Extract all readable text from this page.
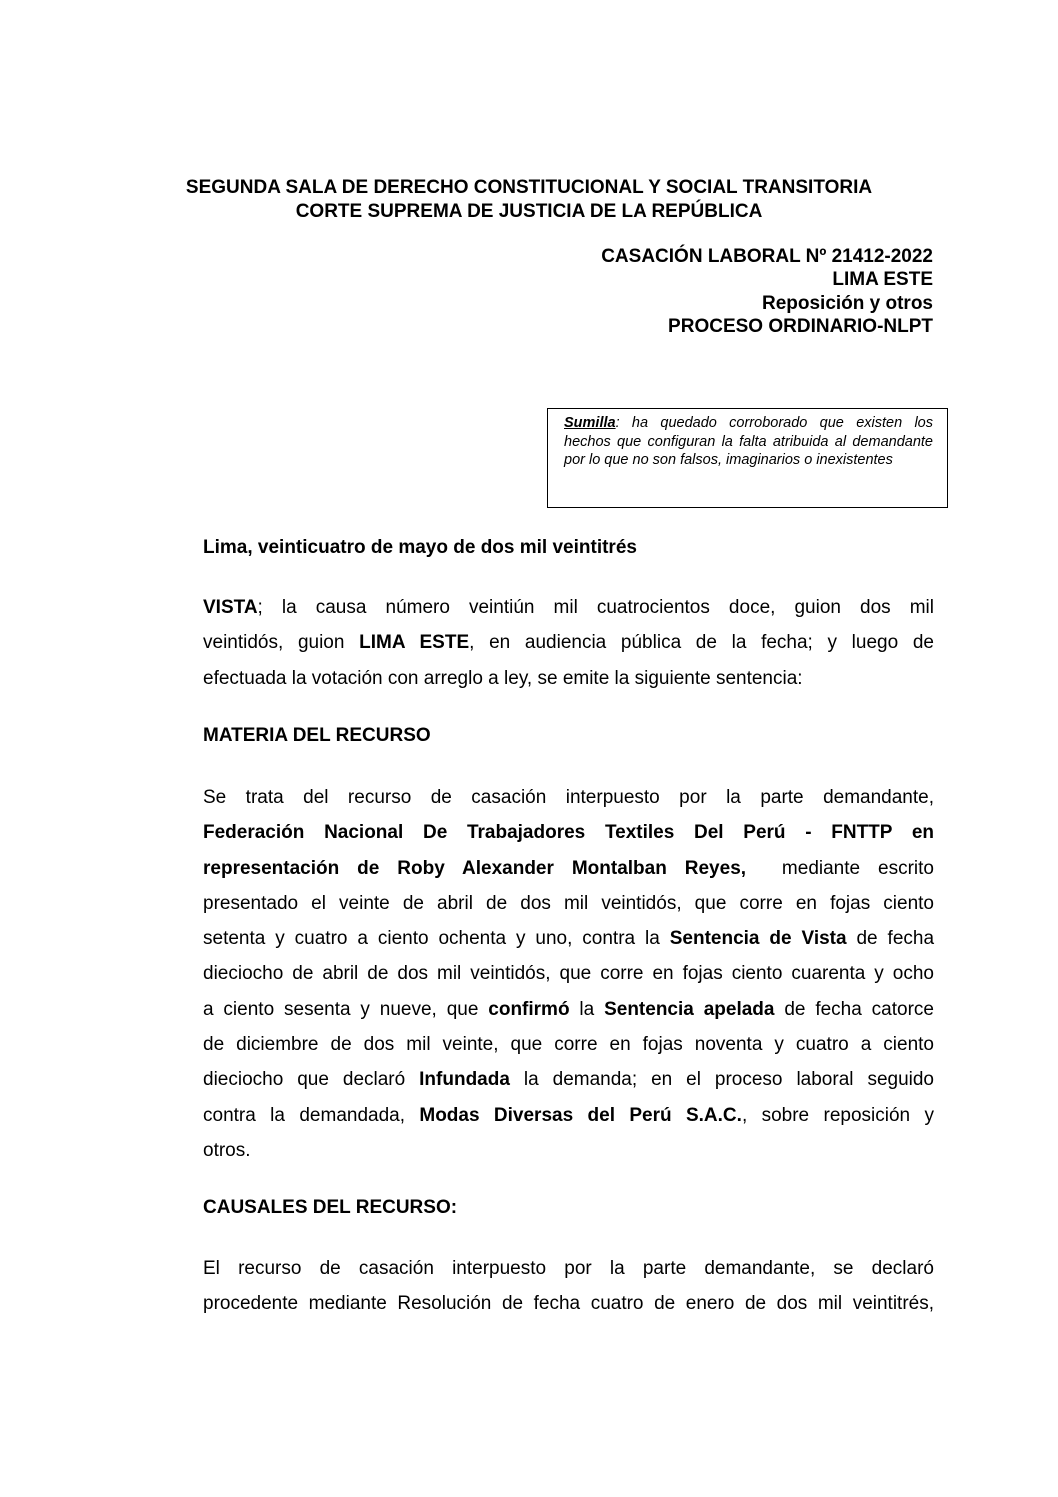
SEGUNDA SALA DE DERECHO CONSTITUCIONAL Y SOCIAL TRANSITORIA
CORTE SUPREMA DE JUSTICIA DE LA REPÚBLICA
CASACIÓN LABORAL Nº 21412-2022
LIMA ESTE
Reposición y otros
PROCESO ORDINARIO-NLPT
Sumilla: ha quedado corroborado que existen los hechos que configuran la falta atribuida al demandante por lo que no son falsos, imaginarios o inexistentes
Lima, veinticuatro de mayo de dos mil veintitrés
VISTA; la causa número veintiún mil cuatrocientos doce, guion dos mil
veintidós, guion LIMA ESTE, en audiencia pública de la fecha; y luego de
efectuada la votación con arreglo a ley, se emite la siguiente sentencia:
MATERIA DEL RECURSO
Se trata del recurso de casación interpuesto por la parte demandante,
Federación Nacional De Trabajadores Textiles Del Perú - FNTTP en
representación de Roby Alexander Montalban Reyes,  mediante escrito
presentado el veinte de abril de dos mil veintidós, que corre en fojas ciento
setenta y cuatro a ciento ochenta y uno, contra la Sentencia de Vista de fecha
dieciocho de abril de dos mil veintidós, que corre en fojas ciento cuarenta y ocho
a ciento sesenta y nueve, que confirmó la Sentencia apelada de fecha catorce
de diciembre de dos mil veinte, que corre en fojas noventa y cuatro a ciento
dieciocho que declaró Infundada la demanda; en el proceso laboral seguido
contra la demandada, Modas Diversas del Perú S.A.C., sobre reposición y
otros.
CAUSALES DEL RECURSO:
El recurso de casación interpuesto por la parte demandante, se declaró
procedente mediante Resolución de fecha cuatro de enero de dos mil veintitrés,
